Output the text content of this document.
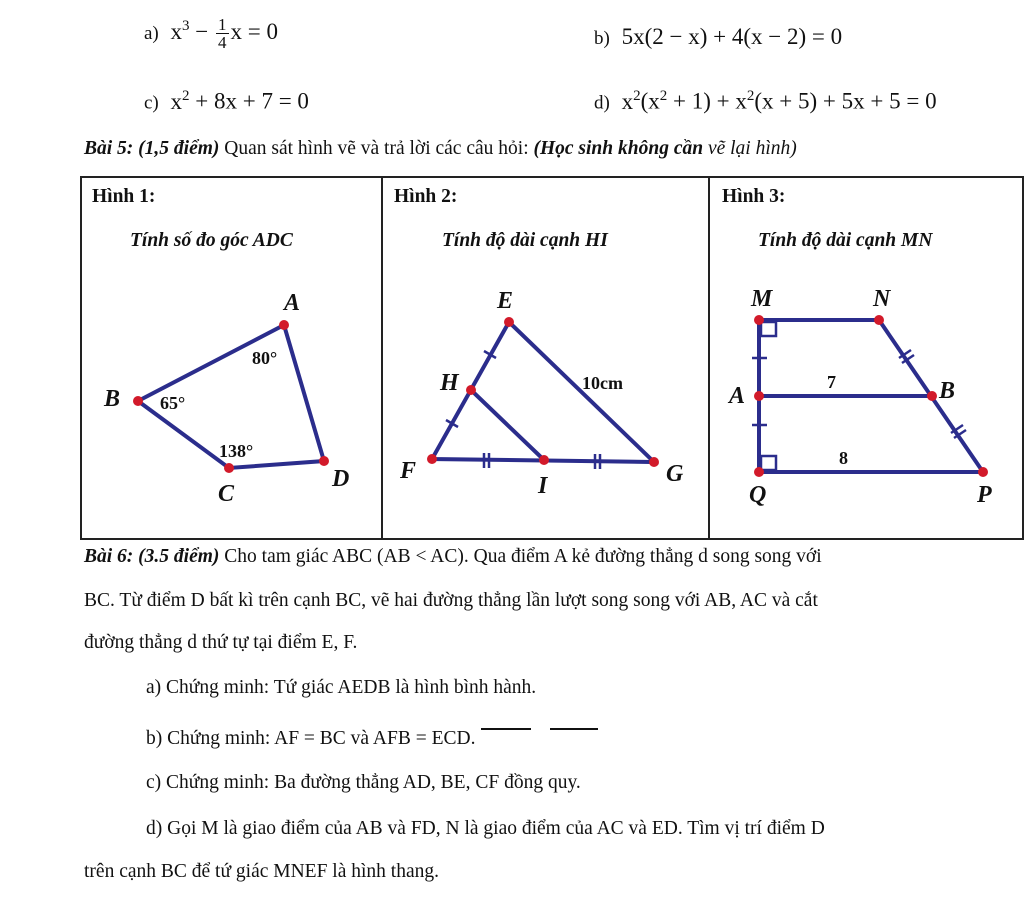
a) $x^3 - \frac{1}{4}$ x = 0	b) 5x(2 − x) + 4(x − 2) = 0
c) $x^2 + 8x + 7 = 0$	d) $x^2(x^2 + 1) + x^2(x + 5) + 5x + 5 = 0$
Bài 5: (1,5 điểm) Quan sát hình vẽ và trả lời các câu hỏi: (Học sinh không cần vẽ lại hình)
Hình 1:
Tính số đo góc ADC
Hình 2:
Tính độ dài cạnh HI
Hình 3:
Tính độ dài cạnh MN
A
B
C
D
80°
65°
138°
E
H
F
I	G
10cm
M	N
A	B
Q	P
7
8
Bài 6: (3.5 điểm) Cho tam giác ABC (AB < AC). Qua điểm A kẻ đường thẳng d song song với
BC. Từ điểm D bất kì trên cạnh BC, vẽ hai đường thẳng lần lượt song song với AB, AC và cắt
đường thẳng d thứ tự tại điểm E, F.
a) Chứng minh: Tứ giác AEDB là hình bình hành.
b) Chứng minh: AF = BC và AFB = ECD.
c) Chứng minh: Ba đường thẳng AD, BE, CF đồng quy.
d) Gọi M là giao điểm của AB và FD, N là giao điểm của AC và ED. Tìm vị trí điểm D
trên cạnh BC để tứ giác MNEF là hình thang.
